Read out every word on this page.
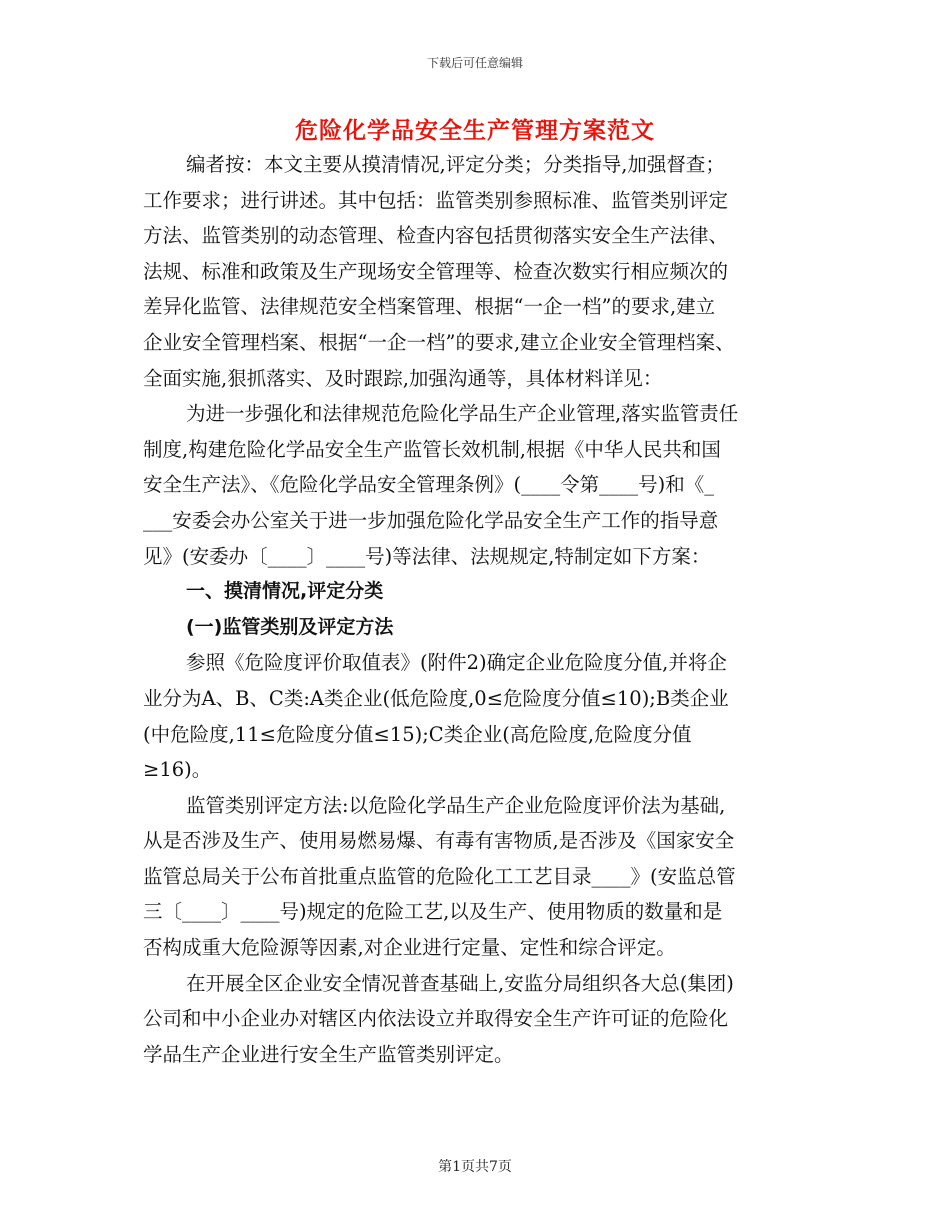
下载后可任意编辑
危险化学品安全生产管理方案范文
编者按：本文主要从摸清情况,评定分类；分类指导,加强督查；
工作要求；进行讲述。其中包括：监管类别参照标准、监管类别评定
方法、监管类别的动态管理、检查内容包括贯彻落实安全生产法律、
法规、标准和政策及生产现场安全管理等、检查次数实行相应频次的
差异化监管、法律规范安全档案管理、根据“一企一档”的要求,建立
企业安全管理档案、根据“一企一档”的要求,建立企业安全管理档案、
全面实施,狠抓落实、及时跟踪,加强沟通等，具体材料详见：
为进一步强化和法律规范危险化学品生产企业管理,落实监管责任
制度,构建危险化学品安全生产监管长效机制,根据《中华人民共和国
安全生产法》、《危险化学品安全管理条例》(____令第____号)和《_
___安委会办公室关于进一步加强危险化学品安全生产工作的指导意
见》(安委办〔____〕____号)等法律、法规规定,特制定如下方案：
一、摸清情况,评定分类
(一)监管类别及评定方法
参照《危险度评价取值表》(附件2)确定企业危险度分值,并将企
业分为A、B、C类:A类企业(低危险度,0≤危险度分值≤10);B类企业
(中危险度,11≤危险度分值≤15);C类企业(高危险度,危险度分值
≥16)。
监管类别评定方法:以危险化学品生产企业危险度评价法为基础,
从是否涉及生产、使用易燃易爆、有毒有害物质,是否涉及《国家安全
监管总局关于公布首批重点监管的危险化工工艺目录____》(安监总管
三〔____〕____号)规定的危险工艺,以及生产、使用物质的数量和是
否构成重大危险源等因素,对企业进行定量、定性和综合评定。
在开展全区企业安全情况普查基础上,安监分局组织各大总(集团)
公司和中小企业办对辖区内依法设立并取得安全生产许可证的危险化
学品生产企业进行安全生产监管类别评定。
第1页共7页
